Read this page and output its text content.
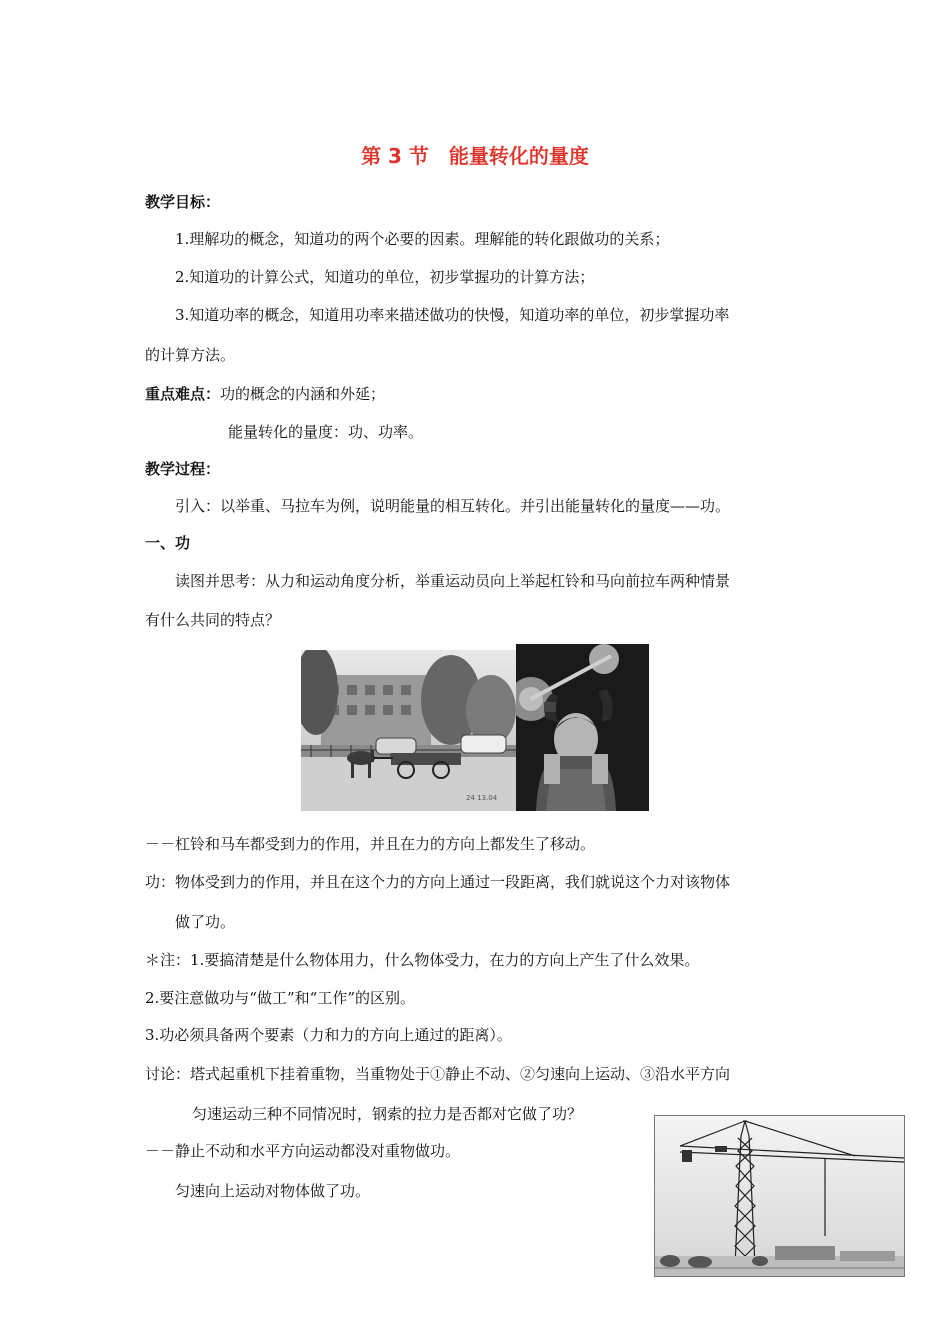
第 3 节　能量转化的量度
教学目标：
1.理解功的概念，知道功的两个必要的因素。理解能的转化跟做功的关系；
2.知道功的计算公式，知道功的单位，初步掌握功的计算方法；
3.知道功率的概念，知道用功率来描述做功的快慢，知道功率的单位，初步掌握功率
的计算方法。
重点难点：功的概念的内涵和外延；
能量转化的量度：功、功率。
教学过程：
引入：以举重、马拉车为例，说明能量的相互转化。并引出能量转化的量度——功。
一、功
读图并思考：从力和运动角度分析，举重运动员向上举起杠铃和马向前拉车两种情景
有什么共同的特点？
24 13.04
－－杠铃和马车都受到力的作用，并且在力的方向上都发生了移动。
功：物体受到力的作用，并且在这个力的方向上通过一段距离，我们就说这个力对该物体
做了功。
＊注：1.要搞清楚是什么物体用力，什么物体受力，在力的方向上产生了什么效果。
2.要注意做功与“做工”和“工作”的区别。
3.功必须具备两个要素（力和力的方向上通过的距离）。
讨论：塔式起重机下挂着重物，当重物处于①静止不动、②匀速向上运动、③沿水平方向
匀速运动三种不同情况时，钢索的拉力是否都对它做了功？
－－静止不动和水平方向运动都没对重物做功。
匀速向上运动对物体做了功。
